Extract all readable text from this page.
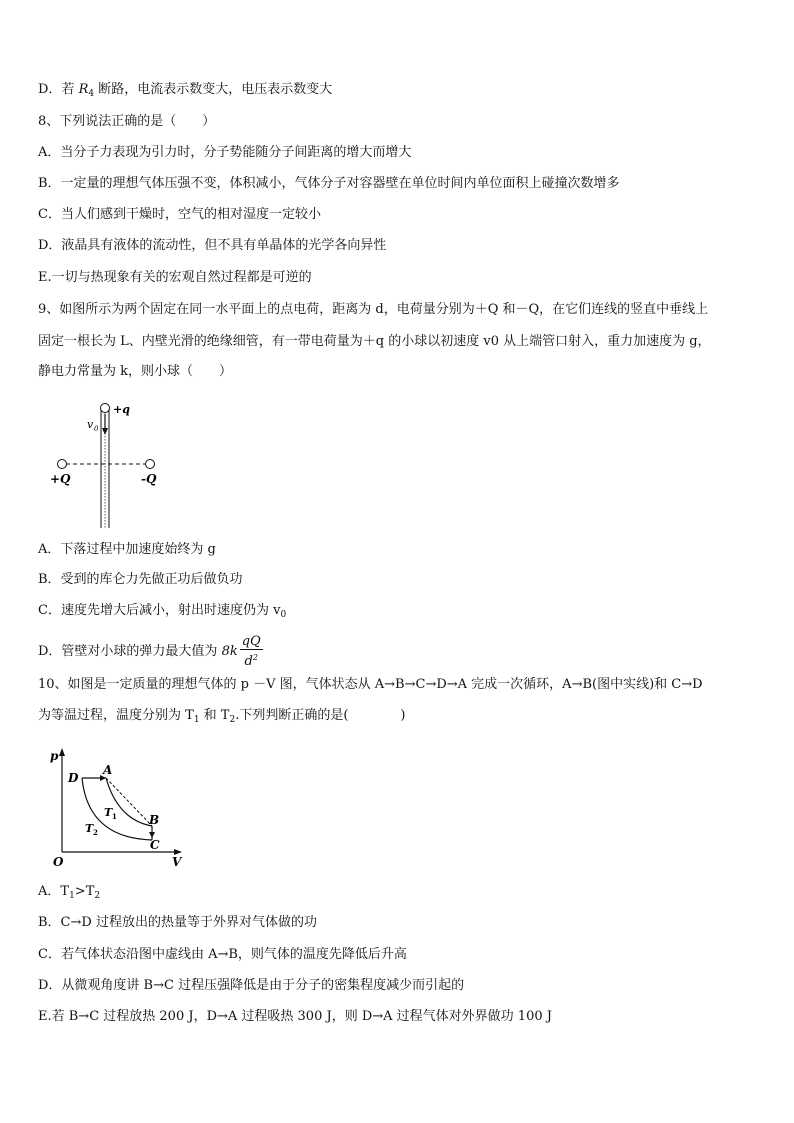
D．若 $R_4$ 断路，电流表示数变大，电压表示数变大
8、下列说法正确的是（　　）
A．当分子力表现为引力时，分子势能随分子间距离的增大而增大
B．一定量的理想气体压强不变，体积减小，气体分子对容器壁在单位时间内单位面积上碰撞次数增多
C．当人们感到干燥时，空气的相对湿度一定较小
D．液晶具有液体的流动性，但不具有单晶体的光学各向异性
E.一切与热现象有关的宏观自然过程都是可逆的
9、如图所示为两个固定在同一水平面上的点电荷，距离为 d，电荷量分别为＋Q 和－Q，在它们连线的竖直中垂线上
固定一根长为 L、内壁光滑的绝缘细管，有一带电荷量为＋q 的小球以初速度 v0 从上端管口射入，重力加速度为 g，
静电力常量为 k，则小球（　　）
+q
v 0
+Q	-Q
A．下落过程中加速度始终为 g
B．受到的库仑力先做正功后做负功
C．速度先增大后减小，射出时速度仍为 $v_0$
D．管壁对小球的弹力最大值为 $8k \frac{qQ}{d^2}$
10、如图是一定质量的理想气体的 p －V 图，气体状态从 A→B→C→D→A 完成一次循环，A→B(图中实线)和 C→D
为等温过程，温度分别为 $T_1$ 和 $T_2$.下列判断正确的是(　　　　)
p
V
O
D
A
B
C
T 1
T 2
A．$T_1>T_2$
B．C→D 过程放出的热量等于外界对气体做的功
C．若气体状态沿图中虚线由 A→B，则气体的温度先降低后升高
D．从微观角度讲 B→C 过程压强降低是由于分子的密集程度减少而引起的
E.若 B→C 过程放热 200 J，D→A 过程吸热 300 J，则 D→A 过程气体对外界做功 100 J
